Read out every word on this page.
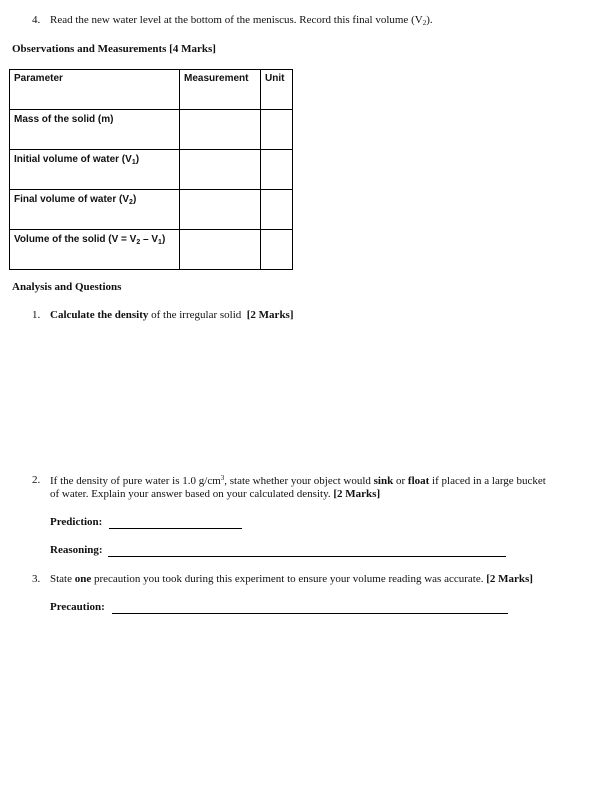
4. Read the new water level at the bottom of the meniscus. Record this final volume $(V_2)$.
Observations and Measurements [4 Marks]
Parameter	Measurement	Unit
Mass of the solid (m)		
Initial volume of water $(V_1)$		
Final volume of water $(V_2)$		
Volume of the solid $(V = V_2 - V_1)$		
Analysis and Questions
1. Calculate the density of the irregular solid [2 Marks]
2. If the density of pure water is 1.0 $g/cm^3$, state whether your object would sink or float if placed in a large bucket
of water. Explain your answer based on your calculated density. [2 Marks]
Prediction:
Reasoning:
3. State one precaution you took during this experiment to ensure your volume reading was accurate. [2 Marks]
Precaution:
